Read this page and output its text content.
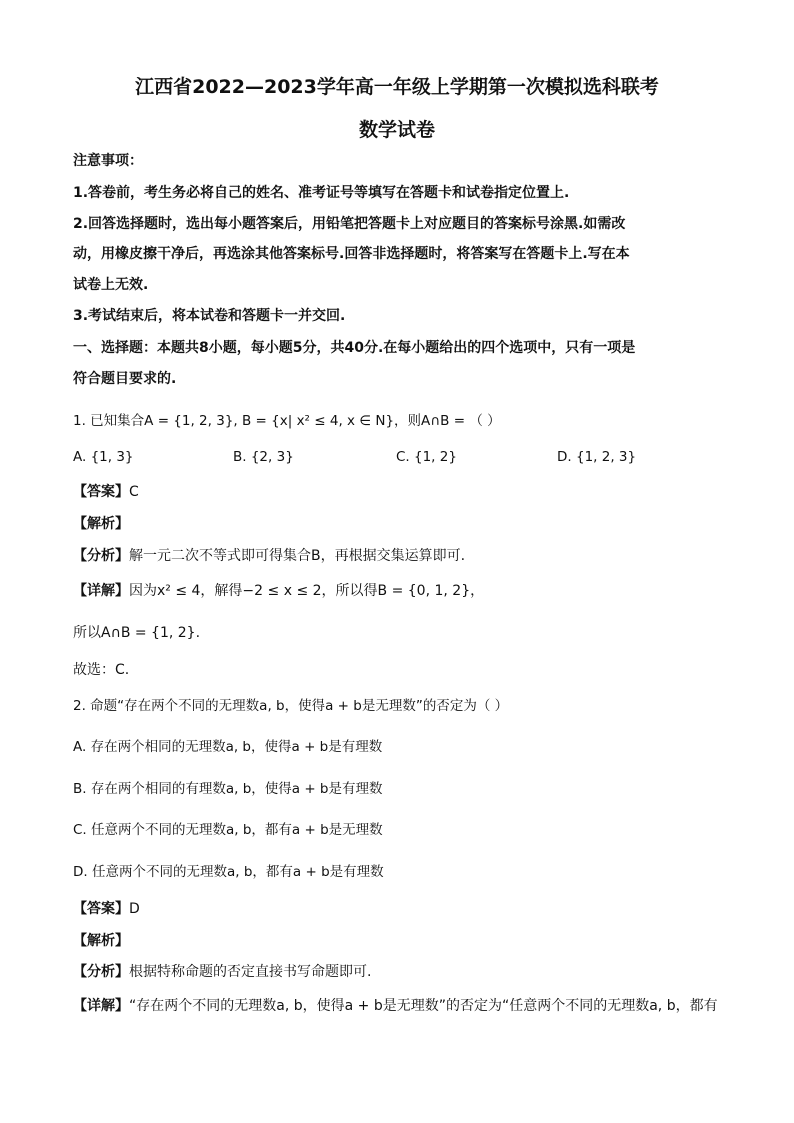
江西省2022—2023学年高一年级上学期第一次模拟选科联考
数学试卷
注意事项：
1.答卷前，考生务必将自己的姓名、准考证号等填写在答题卡和试卷指定位置上.
2.回答选择题时，选出每小题答案后，用铅笔把答题卡上对应题目的答案标号涂黑.如需改
动，用橡皮擦干净后，再选涂其他答案标号.回答非选择题时，将答案写在答题卡上.写在本
试卷上无效.
3.考试结束后，将本试卷和答题卡一并交回.
一、选择题：本题共8小题，每小题5分，共40分.在每小题给出的四个选项中，只有一项是
符合题目要求的.
1. 已知集合A = {1, 2, 3}, B = {x| x² ≤ 4, x ∈ N}，则A∩B = （ ）
A. {1, 3}	B. {2, 3}	C. {1, 2}	D. {1, 2, 3}
【答案】C
【解析】
【分析】解一元二次不等式即可得集合B，再根据交集运算即可.
【详解】因为x² ≤ 4，解得−2 ≤ x ≤ 2，所以得B = {0, 1, 2}，
所以A∩B = {1, 2}.
故选：C.
2. 命题“存在两个不同的无理数a, b，使得a + b是无理数”的否定为（ ）
A. 存在两个相同的无理数a, b，使得a + b是有理数
B. 存在两个相同的有理数a, b，使得a + b是有理数
C. 任意两个不同的无理数a, b，都有a + b是无理数
D. 任意两个不同的无理数a, b，都有a + b是有理数
【答案】D
【解析】
【分析】根据特称命题的否定直接书写命题即可.
【详解】“存在两个不同的无理数a, b，使得a + b是无理数”的否定为“任意两个不同的无理数a, b，都有
